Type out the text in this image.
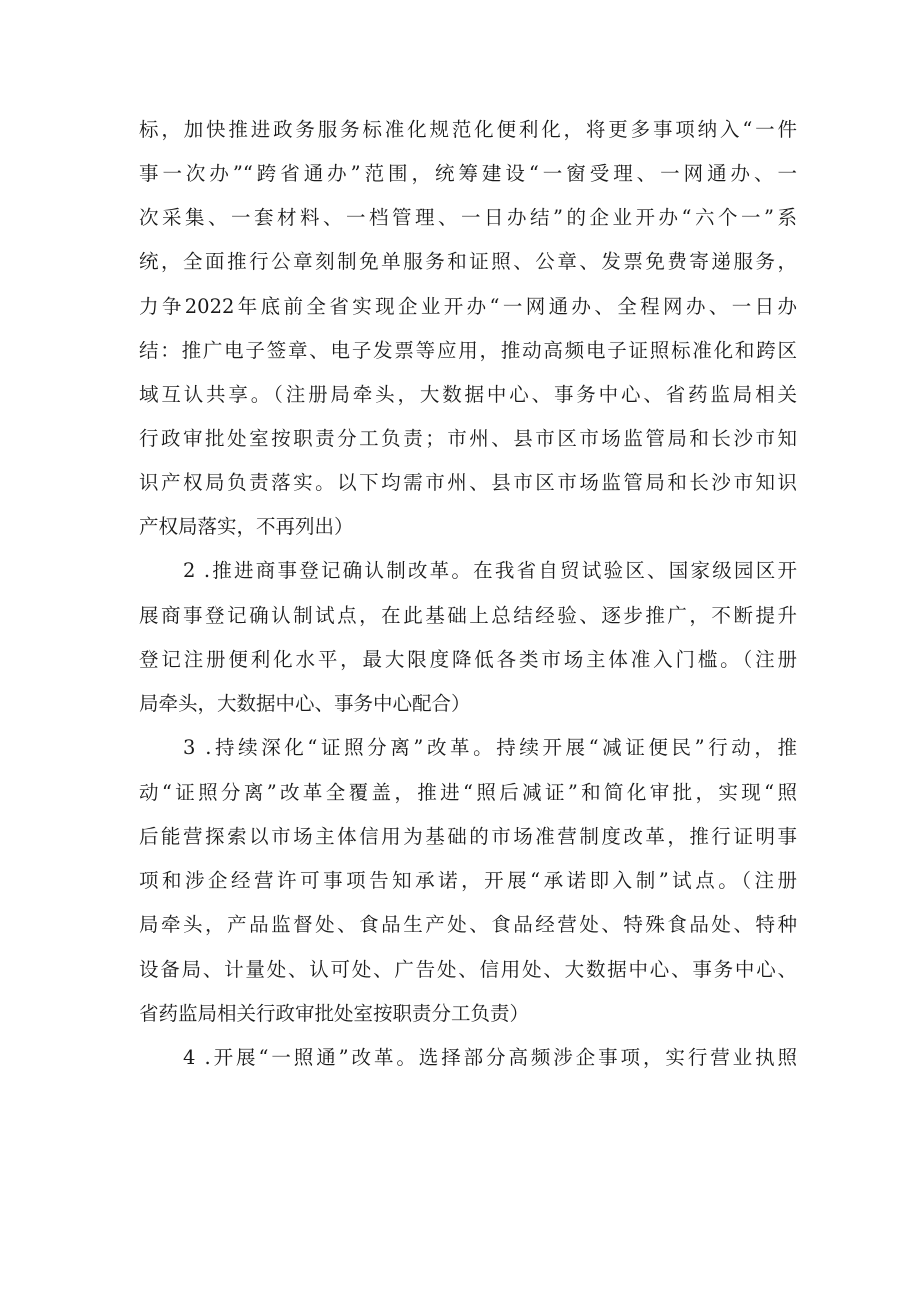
标，加快推进政务服务标准化规范化便利化，将更多事项纳入“一件
事一次办”“跨省通办”范围，统筹建设“一窗受理、一网通办、一
次采集、一套材料、一档管理、一日办结”的企业开办“六个一”系
统，全面推行公章刻制免单服务和证照、公章、发票免费寄递服务，
力争2022年底前全省实现企业开办“一网通办、全程网办、一日办
结：推广电子签章、电子发票等应用，推动高频电子证照标准化和跨区
域互认共享。（注册局牵头，大数据中心、事务中心、省药监局相关
行政审批处室按职责分工负责；市州、县市区市场监管局和长沙市知
识产权局负责落实。以下均需市州、县市区市场监管局和长沙市知识
产权局落实，不再列出）
2 .推进商事登记确认制改革。在我省自贸试验区、国家级园区开
展商事登记确认制试点，在此基础上总结经验、逐步推广，不断提升
登记注册便利化水平，最大限度降低各类市场主体准入门槛。（注册
局牵头，大数据中心、事务中心配合）
3 .持续深化“证照分离”改革。持续开展“减证便民”行动，推
动“证照分离”改革全覆盖，推进“照后减证”和简化审批，实现“照
后能营探索以市场主体信用为基础的市场准营制度改革，推行证明事
项和涉企经营许可事项告知承诺，开展“承诺即入制”试点。（注册
局牵头，产品监督处、食品生产处、食品经营处、特殊食品处、特种
设备局、计量处、认可处、广告处、信用处、大数据中心、事务中心、
省药监局相关行政审批处室按职责分工负责）
4 .开展“一照通”改革。选择部分高频涉企事项，实行营业执照
